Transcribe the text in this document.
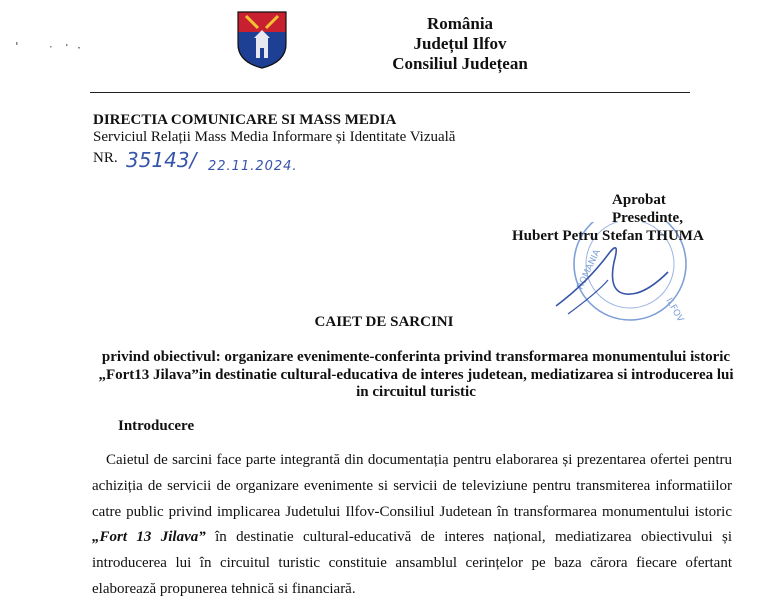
România
Județul Ilfov
Consiliul Județean
DIRECTIA COMUNICARE SI MASS MEDIA
Serviciul Relații Mass Media Informare și Identitate Vizuală
NR. 35143/ 22.11.2024.
ROMANIA
ILFOV
Aprobat
Presedinte,
Hubert Petru Stefan THUMA
CAIET DE SARCINI
privind obiectivul: organizare evenimente-conferinta privind transformarea monumentului istoric
„Fort13 Jilava”in destinatie cultural-educativa de interes judetean, mediatizarea si introducerea lui
in circuitul turistic
Introducere
Caietul de sarcini face parte integrantă din documentația pentru elaborarea și prezentarea ofertei pentru achiziția de servicii de organizare evenimente si servicii de televiziune pentru transmiterea informatiilor catre public privind implicarea Judetului Ilfov-Consiliul Judetean în transformarea monumentului istoric „Fort 13 Jilava” în destinatie cultural-educativă de interes național, mediatizarea obiectivului și introducerea lui în circuitul turistic constituie ansamblul cerințelor pe baza cărora fiecare ofertant elaborează propunerea tehnică si financiară.
